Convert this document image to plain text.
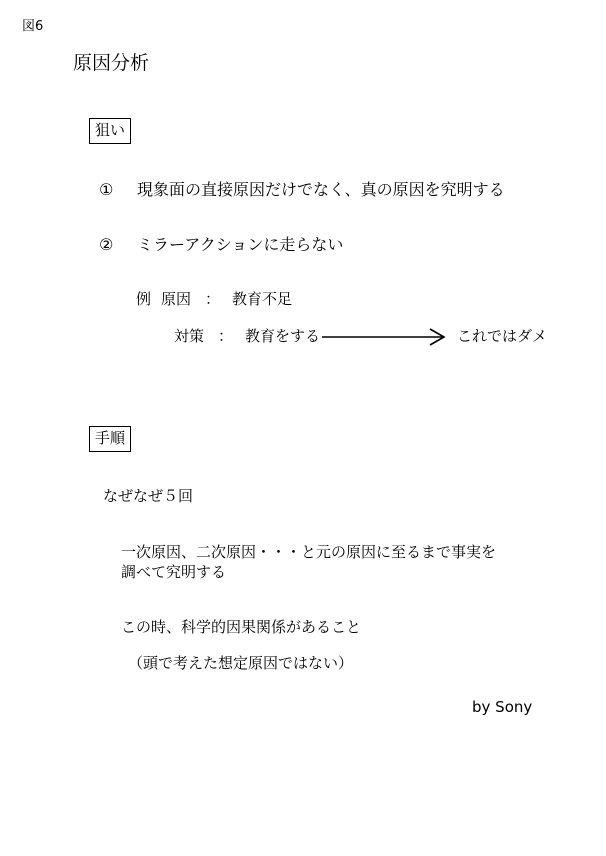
図6
原因分析
狙い
① 現象面の直接原因だけでなく、真の原因を究明する
② ミラーアクションに走らない
例 原因 ： 教育不足
対策 ： 教育をする	これではダメ
手順
なぜなぜ５回
一次原因、二次原因・・・と元の原因に至るまで事実を
調べて究明する
この時、科学的因果関係があること
（頭で考えた想定原因ではない）
by Sony
